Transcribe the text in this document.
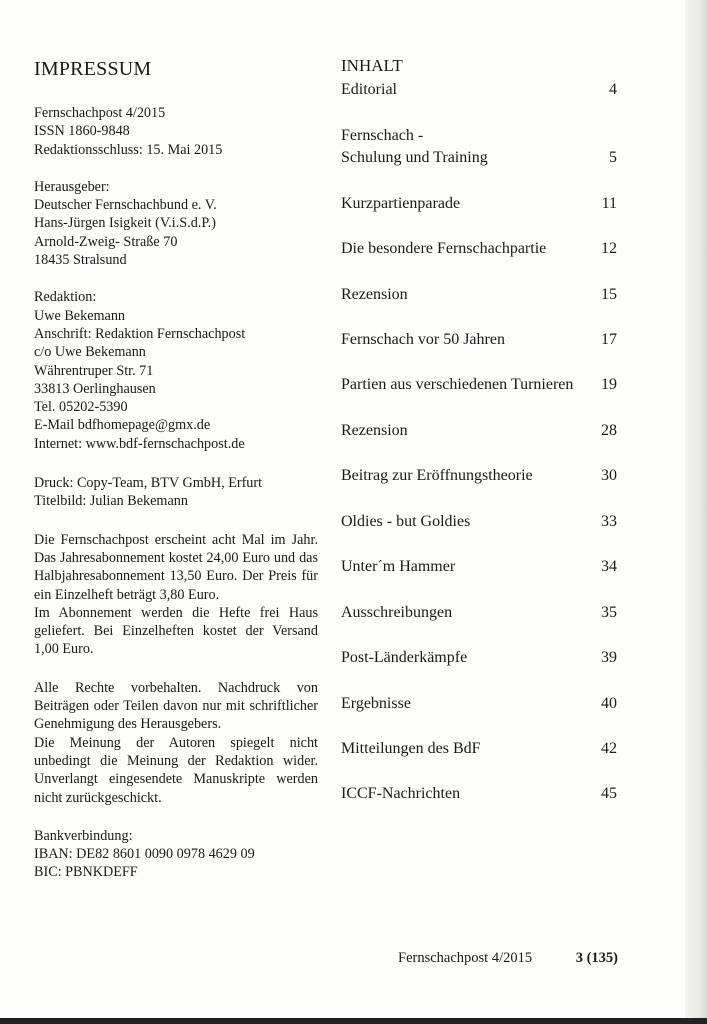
IMPRESSUM
Fernschachpost 4/2015
ISSN 1860-9848
Redaktionsschluss: 15. Mai 2015
Herausgeber:
Deutscher Fernschachbund e. V.
Hans-Jürgen Isigkeit (V.i.S.d.P.)
Arnold-Zweig- Straße 70
18435 Stralsund
Redaktion:
Uwe Bekemann
Anschrift: Redaktion Fernschachpost
c/o Uwe Bekemann
Währentruper Str. 71
33813 Oerlinghausen
Tel. 05202-5390
E-Mail bdfhomepage@gmx.de
Internet: www.bdf-fernschachpost.de
Druck: Copy-Team, BTV GmbH, Erfurt
Titelbild: Julian Bekemann

Die Fernschachpost erscheint acht Mal im Jahr. Das Jahresabonnement kostet 24,00 Euro und das Halbjahresabonnement 13,50 Euro. Der Preis für ein Einzelheft beträgt 3,80 Euro.

Im Abonnement werden die Hefte frei Haus geliefert. Bei Einzelheften kostet der Versand 1,00 Euro.

Alle Rechte vorbehalten. Nachdruck von Beiträgen oder Teilen davon nur mit schriftlicher Genehmigung des Herausgebers.

Die Meinung der Autoren spiegelt nicht unbedingt die Meinung der Redaktion wider. Unverlangt eingesendete Manuskripte werden nicht zurückgeschickt.

Bankverbindung:
IBAN: DE82 8601 0090 0978 4629 09
BIC: PBNKDEFF
INHALT
Editorial	4
Fernschach -
Schulung und Training	5
Kurzpartienparade	11
Die besondere Fernschachpartie	12
Rezension	15
Fernschach vor 50 Jahren	17
Partien aus verschiedenen Turnieren	19
Rezension	28
Beitrag zur Eröffnungstheorie	30
Oldies - but Goldies	33
Unter´m Hammer	34
Ausschreibungen	35
Post-Länderkämpfe	39
Ergebnisse	40
Mitteilungen des BdF	42
ICCF-Nachrichten	45
Fernschachpost 4/2015	3 (135)
